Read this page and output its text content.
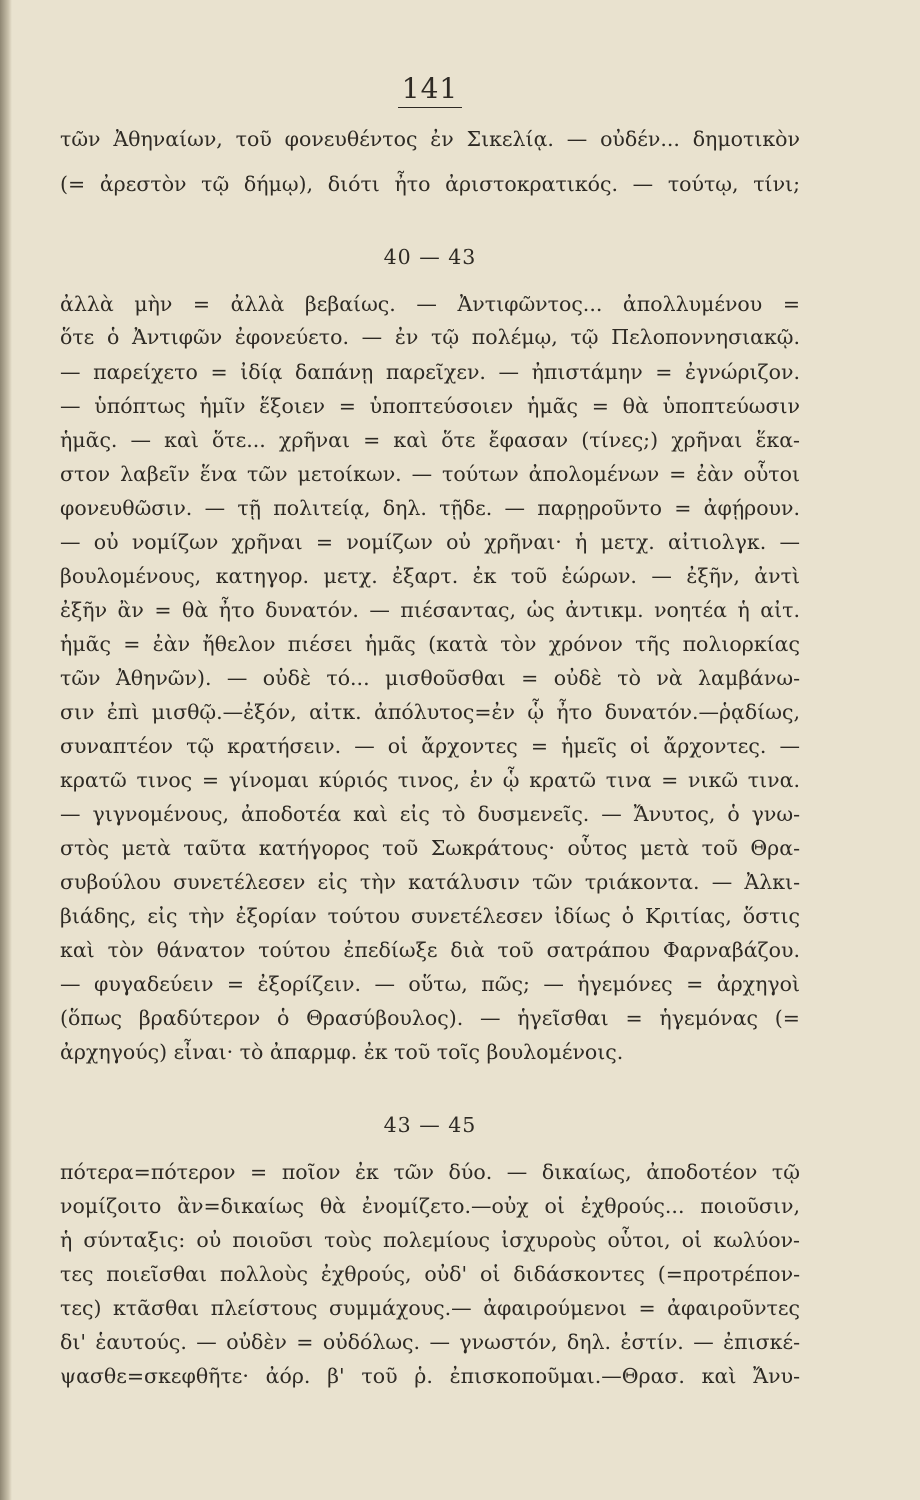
141
τῶν Ἀθηναίων, τοῦ φονευθέντος ἐν Σικελίᾳ. — οὐδέν... δημοτικὸν
(= ἀρεστὸν τῷ δήμῳ), διότι ἦτο ἀριστοκρατικός. — τούτῳ, τίνι;
40 — 43
ἀλλὰ μὴν = ἀλλὰ βεβαίως. — Ἀντιφῶντος... ἀπολλυμένου =
ὅτε ὁ Ἀντιφῶν ἐφονεύετο. — ἐν τῷ πολέμῳ, τῷ Πελοποννησιακῷ.
— παρείχετο = ἰδίᾳ δαπάνῃ παρεῖχεν. — ἠπιστάμην = ἐγνώριζον.
— ὑπόπτως ἡμῖν ἕξοιεν = ὑποπτεύσοιεν ἡμᾶς = θὰ ὑποπτεύωσιν
ἡμᾶς. — καὶ ὅτε... χρῆναι = καὶ ὅτε ἔφασαν (τίνες;) χρῆναι ἕκα-
στον λαβεῖν ἕνα τῶν μετοίκων. — τούτων ἀπολομένων = ἐὰν οὗτοι
φονευθῶσιν. — τῇ πολιτείᾳ, δηλ. τῇδε. — παρῃροῦντο = ἀφῄρουν.
— οὐ νομίζων χρῆναι = νομίζων οὐ χρῆναι· ἡ μετχ. αἰτιολγκ. —
βουλομένους, κατηγορ. μετχ. ἐξαρτ. ἐκ τοῦ ἑώρων. — ἐξῆν, ἀντὶ
ἐξῆν ἂν = θὰ ἦτο δυνατόν. — πιέσαντας, ὡς ἀντικμ. νοητέα ἡ αἰτ.
ἡμᾶς = ἐὰν ἤθελον πιέσει ἡμᾶς (κατὰ τὸν χρόνον τῆς πολιορκίας
τῶν Ἀθηνῶν). — οὐδὲ τό... μισθοῦσθαι = οὐδὲ τὸ νὰ λαμβάνω-
σιν ἐπὶ μισθῷ.—ἐξόν, αἰτκ. ἀπόλυτος=ἐν ᾧ ἦτο δυνατόν.—ῥᾳδίως,
συναπτέον τῷ κρατήσειν. — οἱ ἄρχοντες = ἡμεῖς οἱ ἄρχοντες. —
κρατῶ τινος = γίνομαι κύριός τινος, ἐν ᾧ κρατῶ τινα = νικῶ τινα.
— γιγνομένους, ἀποδοτέα καὶ εἰς τὸ δυσμενεῖς. — Ἄνυτος, ὁ γνω-
στὸς μετὰ ταῦτα κατήγορος τοῦ Σωκράτους· οὗτος μετὰ τοῦ Θρα-
συβούλου συνετέλεσεν εἰς τὴν κατάλυσιν τῶν τριάκοντα. — Ἀλκι-
βιάδης, εἰς τὴν ἐξορίαν τούτου συνετέλεσεν ἰδίως ὁ Κριτίας, ὅστις
καὶ τὸν θάνατον τούτου ἐπεδίωξε διὰ τοῦ σατράπου Φαρναβάζου.
— φυγαδεύειν = ἐξορίζειν. — οὕτω, πῶς; — ἡγεμόνες = ἀρχηγοὶ
(ὅπως βραδύτερον ὁ Θρασύβουλος). — ἡγεῖσθαι = ἡγεμόνας (=
ἀρχηγούς) εἶναι· τὸ ἀπαρμφ. ἐκ τοῦ τοῖς βουλομένοις.
43 — 45
πότερα=πότερον = ποῖον ἐκ τῶν δύο. — δικαίως, ἀποδοτέον τῷ
νομίζοιτο ἂν=δικαίως θὰ ἐνομίζετο.—οὐχ οἱ ἐχθρούς... ποιοῦσιν,
ἡ σύνταξις: οὐ ποιοῦσι τοὺς πολεμίους ἰσχυροὺς οὗτοι, οἱ κωλύον-
τες ποιεῖσθαι πολλοὺς ἐχθρούς, οὐδ' οἱ διδάσκοντες (=προτρέπον-
τες) κτᾶσθαι πλείστους συμμάχους.— ἀφαιρούμενοι = ἀφαιροῦντες
δι' ἑαυτούς. — οὐδὲν = οὐδόλως. — γνωστόν, δηλ. ἐστίν. — ἐπισκέ-
ψασθε=σκεφθῆτε· ἀόρ. β' τοῦ ῥ. ἐπισκοποῦμαι.—Θρασ. καὶ Ἄνυ-
